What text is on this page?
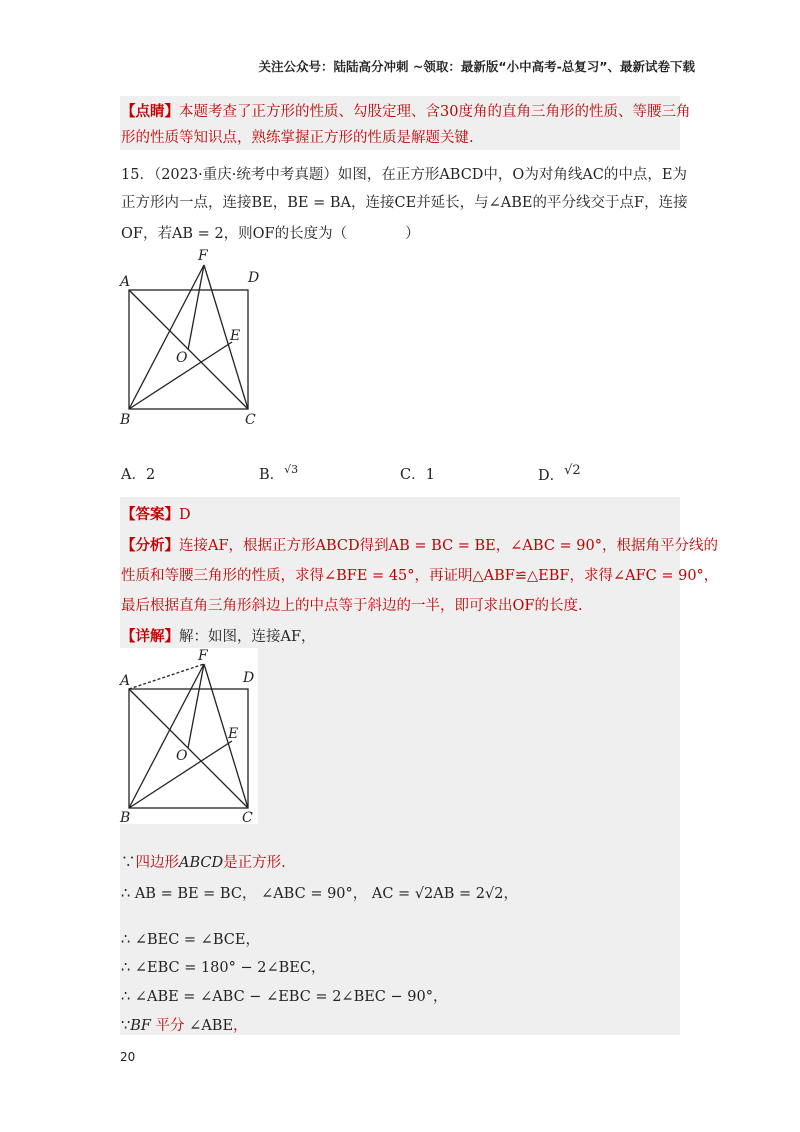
关注公众号：陆陆高分冲刺 ~领取：最新版“小中高考-总复习”、最新试卷下载
【点睛】本题考查了正方形的性质、勾股定理、含30度角的直角三角形的性质、等腰三角
形的性质等知识点，熟练掌握正方形的性质是解题关键.
15．（2023·重庆·统考中考真题）如图，在正方形ABCD中，O为对角线AC的中点，E为
正方形内一点，连接BE，BE = BA，连接CE并延长，与∠ABE的平分线交于点F，连接
OF，若AB = 2，则OF的长度为（　　　　）
A	D
B	C
F
E
O
A．2	B．$^{√3}$	C．1	D．$^{√2}$
【答案】D
【分析】连接AF，根据正方形ABCD得到AB = BC = BE，∠ABC = 90°，根据角平分线的
性质和等腰三角形的性质，求得∠BFE = 45°，再证明△ABF≌△EBF，求得∠AFC = 90°，
最后根据直角三角形斜边上的中点等于斜边的一半，即可求出OF的长度.
【详解】解：如图，连接AF，
A	D
B	C
F
E
O
∵四边形ABCD是正方形.
∴ AB = BE = BC， ∠ABC = 90°， AC = √2AB = 2√2，
∴ ∠BEC = ∠BCE，
∴ ∠EBC = 180° − 2∠BEC，
∴ ∠ABE = ∠ABC − ∠EBC = 2∠BEC − 90°，
∵BF 平分 ∠ABE，
20
